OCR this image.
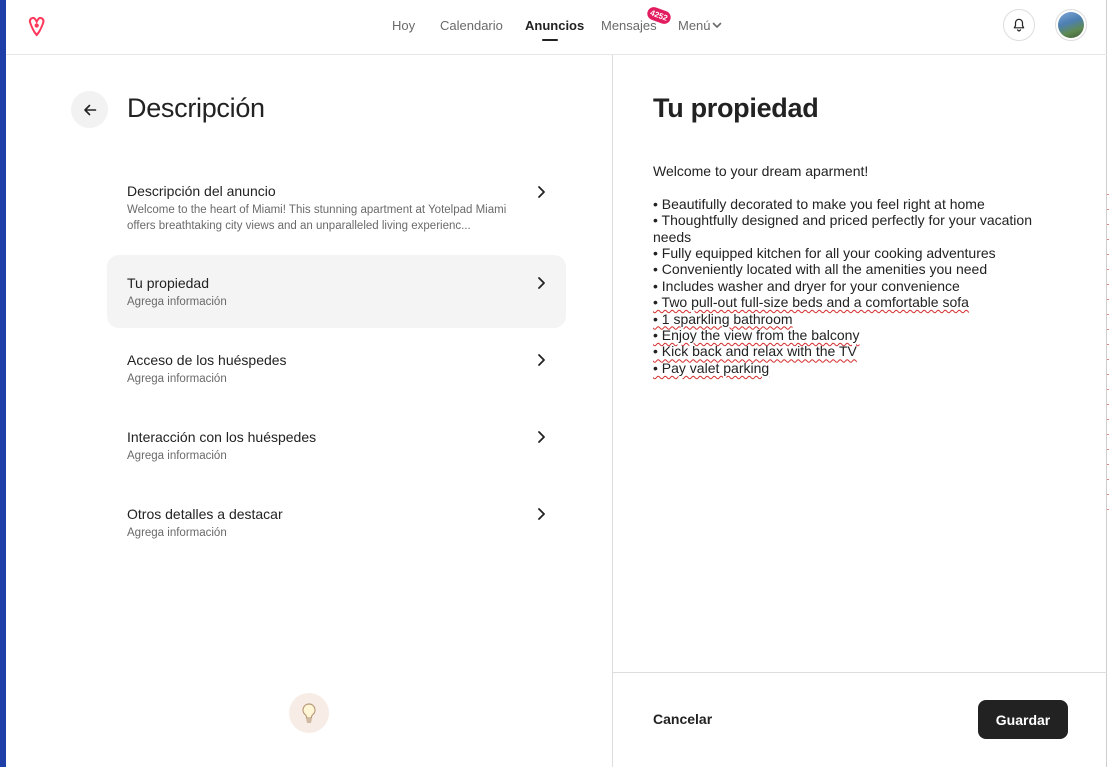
Hoy Calendario Anuncios Mensajes Menú
4252
Descripción
Descripción del anuncio
Welcome to the heart of Miami! This stunning apartment at Yotelpad Miami offers breathtaking city views and an unparalleled living experienc...
Tu propiedad
Agrega información
Acceso de los huéspedes
Agrega información
Interacción con los huéspedes
Agrega información
Otros detalles a destacar
Agrega información
Tu propiedad
Welcome to your dream aparment!
• Beautifully decorated to make you feel right at home
• Thoughtfully designed and priced perfectly for your vacation needs
• Fully equipped kitchen for all your cooking adventures
• Conveniently located with all the amenities you need
• Includes washer and dryer for your convenience
• Two pull-out full-size beds and a comfortable sofa
• 1 sparkling bathroom
• Enjoy the view from the balcony
• Kick back and relax with the TV
• Pay valet parking
Cancelar	Guardar
